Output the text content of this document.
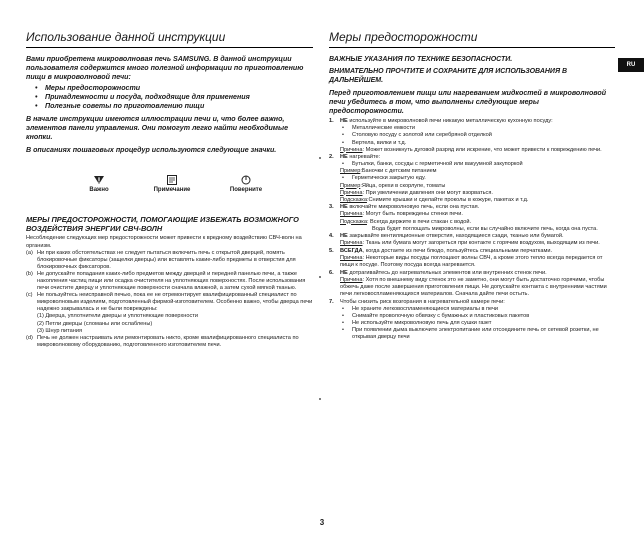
Использование данной инструкции

Вами приобретена микроволновая печь SAMSUNG. В данной инструкции пользователя содержится много полезной информации по приготовлению пищи в микроволновой печи:

• Меры предосторожности
• Принадлежности и посуда, подходящие для применения
• Полезные советы по приготовлению пищи

В начале инструкции имеются иллюстрации печи и, что более важно, элементов панели управления. Они помогут легко найти необходимые кнопки.

В описаниях пошаговых процедур используются следующие значки.

Важно	Примечание	Поверните

МЕРЫ ПРЕДОСТОРОЖНОСТИ, ПОМОГАЮЩИЕ ИЗБЕЖАТЬ ВОЗМОЖНОГО ВОЗДЕЙСТВИЯ ЭНЕРГИИ СВЧ-ВОЛН

Несоблюдение следующих мер предосторожности может привести к вредному воздействию СВЧ-волн на организм.

(a) Ни при каких обстоятельствах не следует пытаться включить печь с открытой дверцей, помять блокировочные фиксаторы (защелки дверцы) или вставлять какие-либо предметы в отверстия для блокировочных фиксаторов.
(b) Не допускайте попадания каких-либо предметов между дверцей и передней панелью печи, а также накопления частиц пищи или осадка очистителя на уплотняющих поверхностях. После использования печи очистите дверцу и уплотняющие поверхности сначала влажной, а затем сухой мягкой тканью.
(c) Не пользуйтесь неисправной печью, пока ее не отремонтирует квалифицированный специалист по микроволновым изделиям, подготовленный фирмой-изготовителем. Особенно важно, чтобы дверца печи надежно закрывалась и не были повреждены:
(1) Дверца, уплотнители дверцы и уплотняющие поверхности
(2) Петли дверцы (сломаны или ослаблены)
(3) Шнур питания
(d) Печь не должен настраивать или ремонтировать никто, кроме квалифицированного специалиста по микроволновому оборудованию, подготовленного изготовителем печи.
Меры предосторожности

ВАЖНЫЕ УКАЗАНИЯ ПО ТЕХНИКЕ БЕЗОПАСНОСТИ.

ВНИМАТЕЛЬНО ПРОЧТИТЕ И СОХРАНИТЕ ДЛЯ ИСПОЛЬЗОВАНИЯ В ДАЛЬНЕЙШЕМ.

Перед приготовлением пищи или нагреванием жидкостей в микроволновой печи убедитесь в том, что выполнены следующие меры предосторожности.

1. НЕ используйте в микроволновой печи никакую металлическую кухонную посуду:
• Металлические емкости
• Столовую посуду с золотой или серебряной отделкой
• Вертела, вилки и т.д.
Причина: Может возникнуть дуговой разряд или искрение, что может привести к повреждению печи.
2. НЕ нагревайте:
• Бутылки, банки, сосуды с герметичной или вакуумной закупоркой
Пример:Баночки с детским питанием
• Герметически закрытую еду.
Пример:Яйца, орехи в скорлупе, томаты
Причина: При увеличении давления они могут взорваться.
Подсказка:Снимите крышки и сделайте проколы в кожуре, пакетах и т.д.
3. НЕ включайте микроволновую печь, если она пустая.
Причина: Могут быть повреждены стенки печи.
Подсказка: Всегда держите в печи стакан с водой.
Вода будет поглощать микроволны, если вы случайно включите печь, когда она пуста.
4. НЕ закрывайте вентиляционные отверстия, находящиеся сзади, тканью или бумагой.
Причина: Ткань или бумага могут загореться при контакте с горячим воздухом, выходящим из печи.
5. ВСЕГДА, когда достаете из печи блюдо, пользуйтесь специальными перчатками.
Причина: Некоторые виды посуды поглощают волны СВЧ, а кроме этого тепло всегда передается от пищи к посуде. Поэтому посуда всегда нагревается.
6. НЕ дотрагивайтесь до нагревательных элементов или внутренних стенок печи.
Причина: Хотя по внешнему виду стенок это не заметно, они могут быть достаточно горячими, чтобы обжечь даже после завершения приготовления пищи. Не допускайте контакта с внутренними частями печи легковоспламеняющихся материалов. Сначала дайте печи остыть.
7. Чтобы снизить риск возгорания в нагревательной камере печи:
• Не храните легковоспламеняющиеся материалы в печи
• Снимайте проволочную обвязку с бумажных и пластиковых пакетов
• Не используйте микроволновую печь для сушки газет
• При появлении дыма выключите электропитание или отсоедините печь от сетевой розетки, не открывая дверцу печи
RU
3
